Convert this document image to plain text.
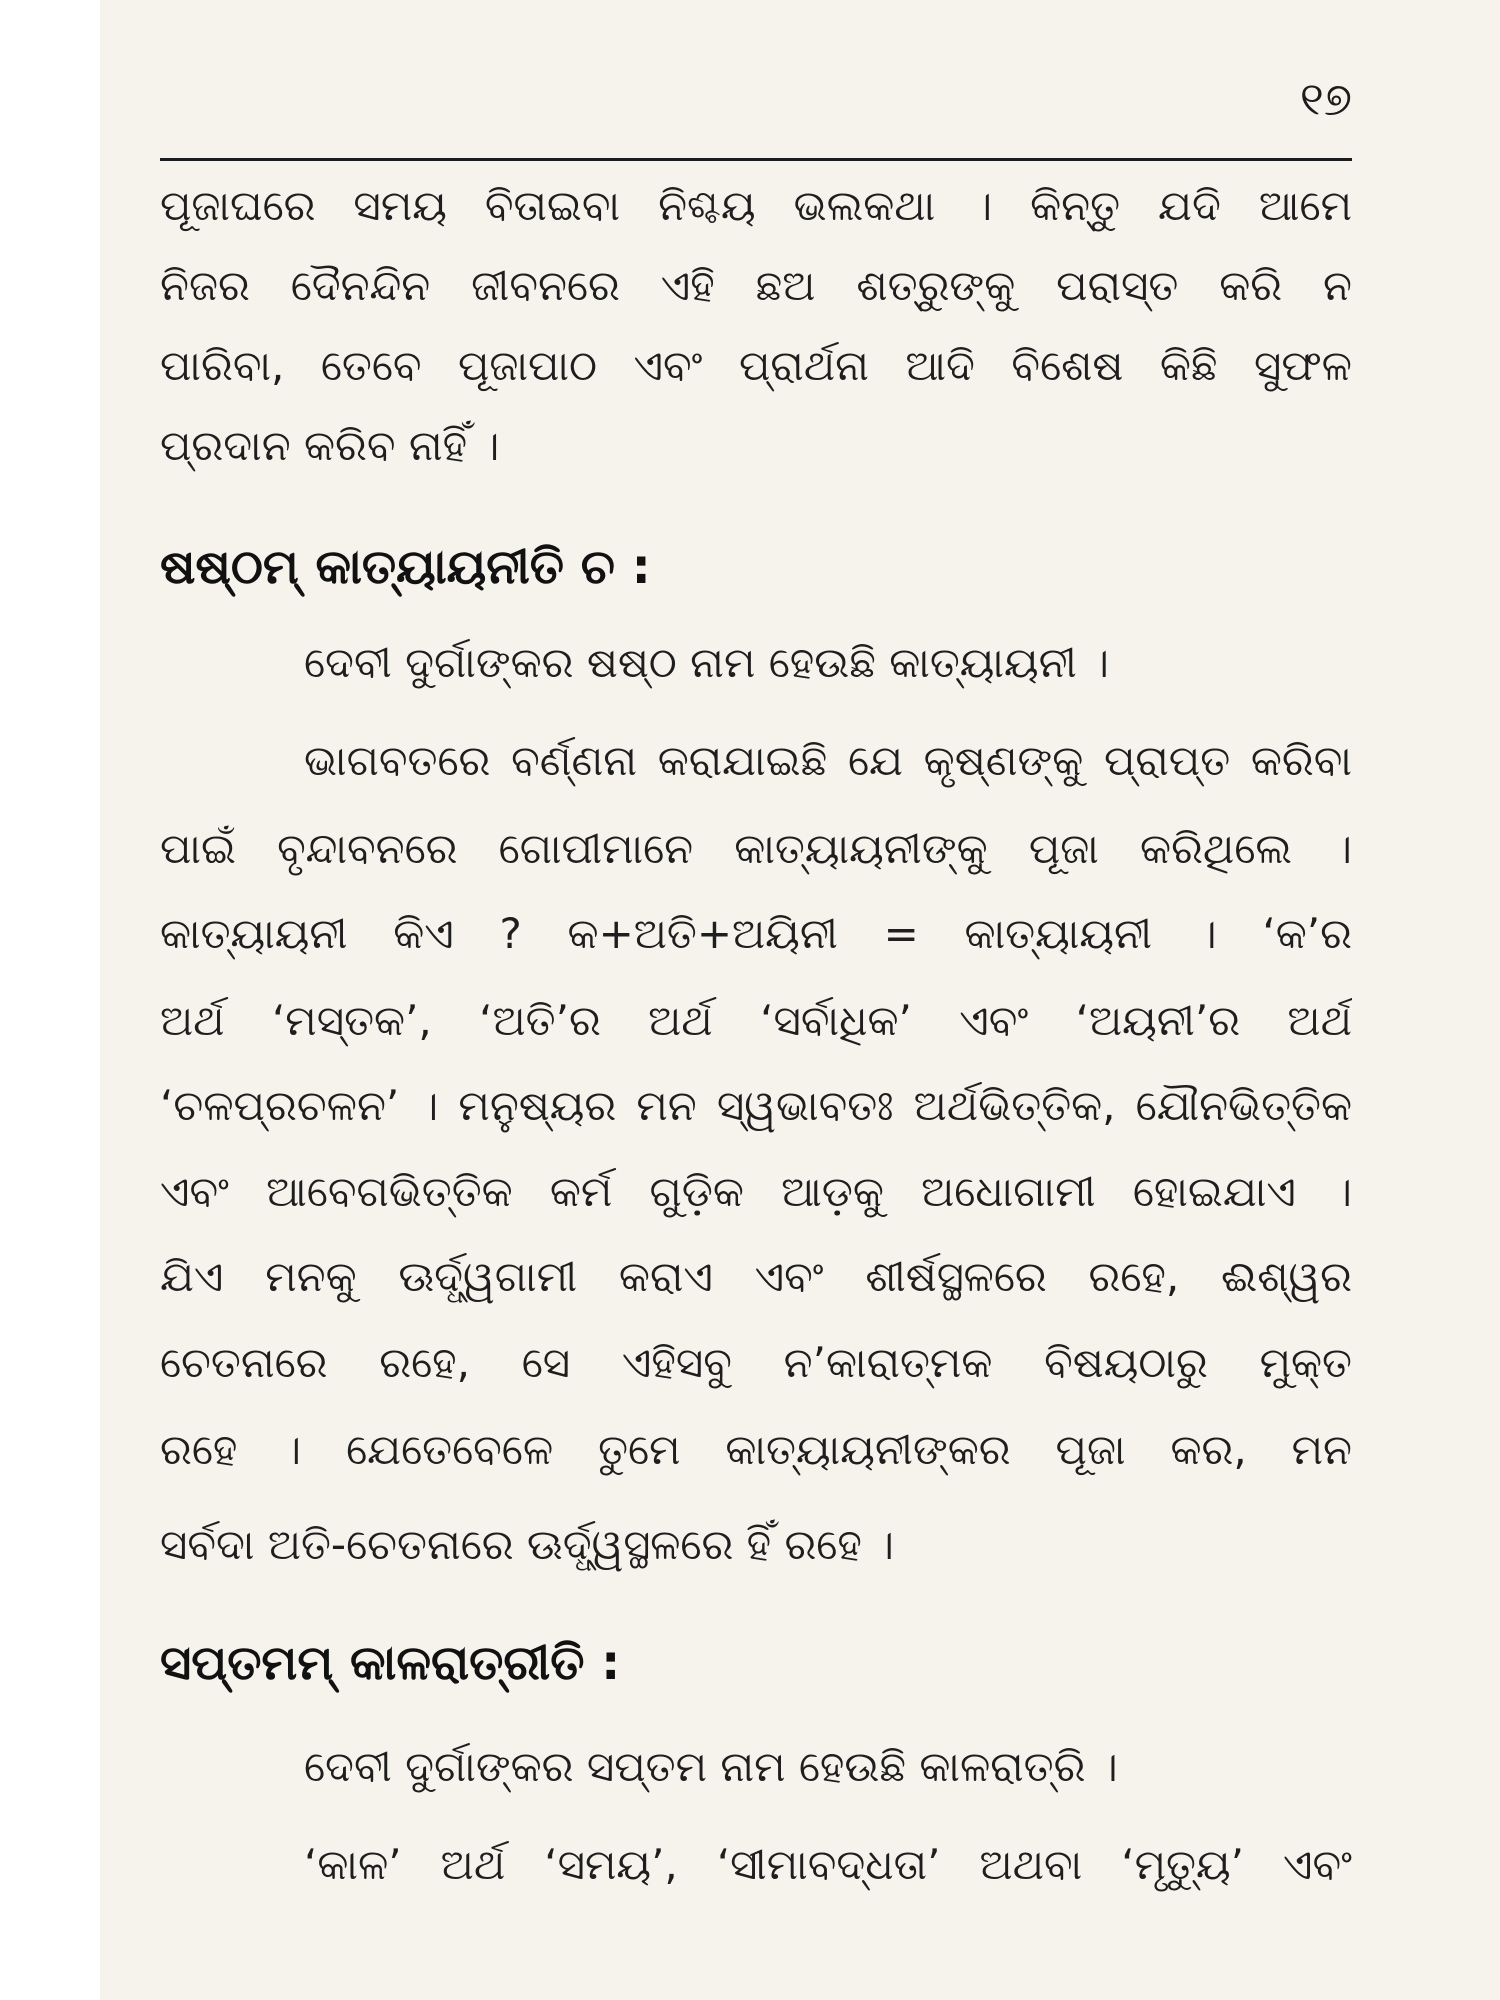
୧୭
ପୂଜାଘରେ ସମୟ ବିତାଇବା ନିଶ୍ଚୟ ଭଲକଥା । କିନ୍ତୁ ଯଦି ଆମେ
ନିଜର ଦୈନନ୍ଦିନ ଜୀବନରେ ଏହି ଛଅ ଶତ୍ରୁଙ୍କୁ ପରାସ୍ତ କରି ନ
ପାରିବା, ତେବେ ପୂଜାପାଠ ଏବଂ ପ୍ରାର୍ଥନା ଆଦି ବିଶେଷ କିଛି ସୁଫଳ
ପ୍ରଦାନ କରିବ ନାହିଁ ।
ଷଷ୍ଠମ୍ କାତ୍ୟାୟନୀତି ଚ :
ଦେବୀ ଦୁର୍ଗାଙ୍କର ଷଷ୍ଠ ନାମ ହେଉଛି କାତ୍ୟାୟନୀ ।
ଭାଗବତରେ ବର୍ଣ୍ଣନା କରାଯାଇଛି ଯେ କୃଷ୍ଣଙ୍କୁ ପ୍ରାପ୍ତ କରିବା
ପାଇଁ ବୃନ୍ଦାବନରେ ଗୋପୀମାନେ କାତ୍ୟାୟନୀଙ୍କୁ ପୂଜା କରିଥିଲେ ।
କାତ୍ୟାୟନୀ କିଏ ? କ+ଅତି+ଅୟିନୀ = କାତ୍ୟାୟନୀ । ‘କ’ର
ଅର୍ଥ ‘ମସ୍ତକ’, ‘ଅତି’ର ଅର୍ଥ ‘ସର୍ବାଧିକ’ ଏବଂ ‘ଅୟନୀ’ର ଅର୍ଥ
‘ଚଳପ୍ରଚଳନ’ । ମନୁଷ୍ୟର ମନ ସ୍ୱଭାବତଃ ଅର୍ଥଭିତ୍ତିକ, ଯୌନଭିତ୍ତିକ
ଏବଂ ଆବେଗଭିତ୍ତିକ କର୍ମ ଗୁଡ଼ିକ ଆଡ଼କୁ ଅଧୋଗାମୀ ହୋଇଯାଏ ।
ଯିଏ ମନକୁ ଊର୍ଦ୍ଧ୍ୱଗାମୀ କରାଏ ଏବଂ ଶୀର୍ଷସ୍ଥଳରେ ରହେ, ଈଶ୍ୱର
ଚେତନାରେ ରହେ, ସେ ଏହିସବୁ ନ’କାରାତ୍ମକ ବିଷୟଠାରୁ ମୁକ୍ତ
ରହେ । ଯେତେବେଳେ ତୁମେ କାତ୍ୟାୟନୀଙ୍କର ପୂଜା କର, ମନ
ସର୍ବଦା ଅତି-ଚେତନାରେ ଊର୍ଦ୍ଧ୍ୱସ୍ଥଳରେ ହିଁ ରହେ ।
ସପ୍ତମମ୍ କାଳରାତ୍ରୀତି :
ଦେବୀ ଦୁର୍ଗାଙ୍କର ସପ୍ତମ ନାମ ହେଉଛି କାଳରାତ୍ରି ।
‘କାଳ’ ଅର୍ଥ ‘ସମୟ’, ‘ସୀମାବଦ୍ଧତା’ ଅଥବା ‘ମୃତ୍ୟୁ’ ଏବଂ
